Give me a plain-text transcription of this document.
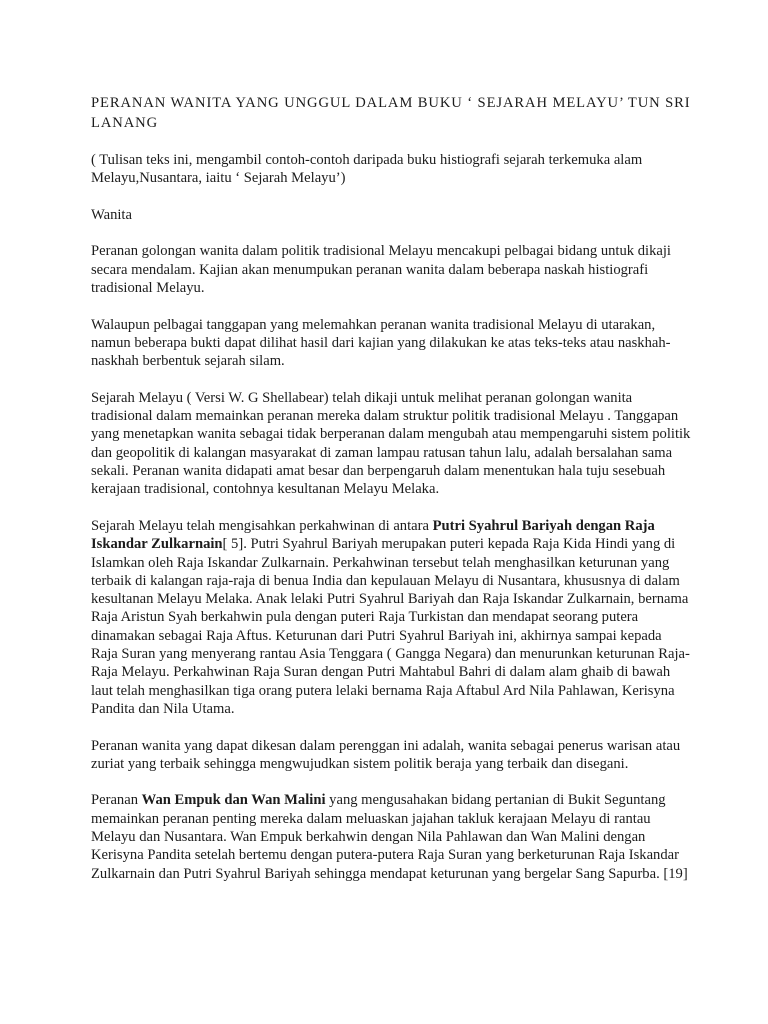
PERANAN WANITA YANG UNGGUL DALAM BUKU ‘ SEJARAH MELAYU’ TUN SRI LANANG

( Tulisan teks ini, mengambil contoh-contoh daripada buku histiografi sejarah terkemuka alam Melayu,Nusantara, iaitu ‘ Sejarah Melayu’)

Wanita

Peranan golongan wanita dalam politik tradisional Melayu mencakupi pelbagai bidang untuk dikaji secara mendalam. Kajian akan menumpukan peranan wanita dalam beberapa naskah histiografi tradisional Melayu.

Walaupun pelbagai tanggapan yang melemahkan peranan wanita tradisional Melayu di utarakan, namun beberapa bukti dapat dilihat hasil dari kajian yang dilakukan ke atas teks-teks atau naskhah-naskhah berbentuk sejarah silam.

Sejarah Melayu ( Versi W. G Shellabear) telah dikaji untuk melihat peranan golongan wanita tradisional dalam memainkan peranan mereka dalam struktur politik tradisional Melayu . Tanggapan yang menetapkan wanita sebagai tidak berperanan dalam mengubah atau mempengaruhi sistem politik dan geopolitik di kalangan masyarakat di zaman lampau ratusan tahun lalu, adalah bersalahan sama sekali. Peranan wanita didapati amat besar dan berpengaruh dalam menentukan hala tuju sesebuah kerajaan tradisional, contohnya kesultanan Melayu Melaka.

Sejarah Melayu telah mengisahkan perkahwinan di antara Putri Syahrul Bariyah dengan Raja Iskandar Zulkarnain[ 5]. Putri Syahrul Bariyah merupakan puteri kepada Raja Kida Hindi yang di Islamkan oleh Raja Iskandar Zulkarnain. Perkahwinan tersebut telah menghasilkan keturunan yang terbaik di kalangan raja-raja di benua India dan kepulauan Melayu di Nusantara, khususnya di dalam kesultanan Melayu Melaka. Anak lelaki Putri Syahrul Bariyah dan Raja Iskandar Zulkarnain, bernama Raja Aristun Syah berkahwin pula dengan puteri Raja Turkistan dan mendapat seorang putera dinamakan sebagai Raja Aftus. Keturunan dari Putri Syahrul Bariyah ini, akhirnya sampai kepada Raja Suran yang menyerang rantau Asia Tenggara ( Gangga Negara) dan menurunkan keturunan Raja-Raja Melayu. Perkahwinan Raja Suran dengan Putri Mahtabul Bahri di dalam alam ghaib di bawah laut telah menghasilkan tiga orang putera lelaki bernama Raja Aftabul Ard Nila Pahlawan, Kerisyna Pandita dan Nila Utama.

Peranan wanita yang dapat dikesan dalam perenggan ini adalah, wanita sebagai penerus warisan atau zuriat yang terbaik sehingga mengwujudkan sistem politik beraja yang terbaik dan disegani.

Peranan Wan Empuk dan Wan Malini yang mengusahakan bidang pertanian di Bukit Seguntang memainkan peranan penting mereka dalam meluaskan jajahan takluk kerajaan Melayu di rantau Melayu dan Nusantara. Wan Empuk berkahwin dengan Nila Pahlawan dan Wan Malini dengan Kerisyna Pandita setelah bertemu dengan putera-putera Raja Suran yang berketurunan Raja Iskandar Zulkarnain dan Putri Syahrul Bariyah sehingga mendapat keturunan yang bergelar Sang Sapurba. [19]
